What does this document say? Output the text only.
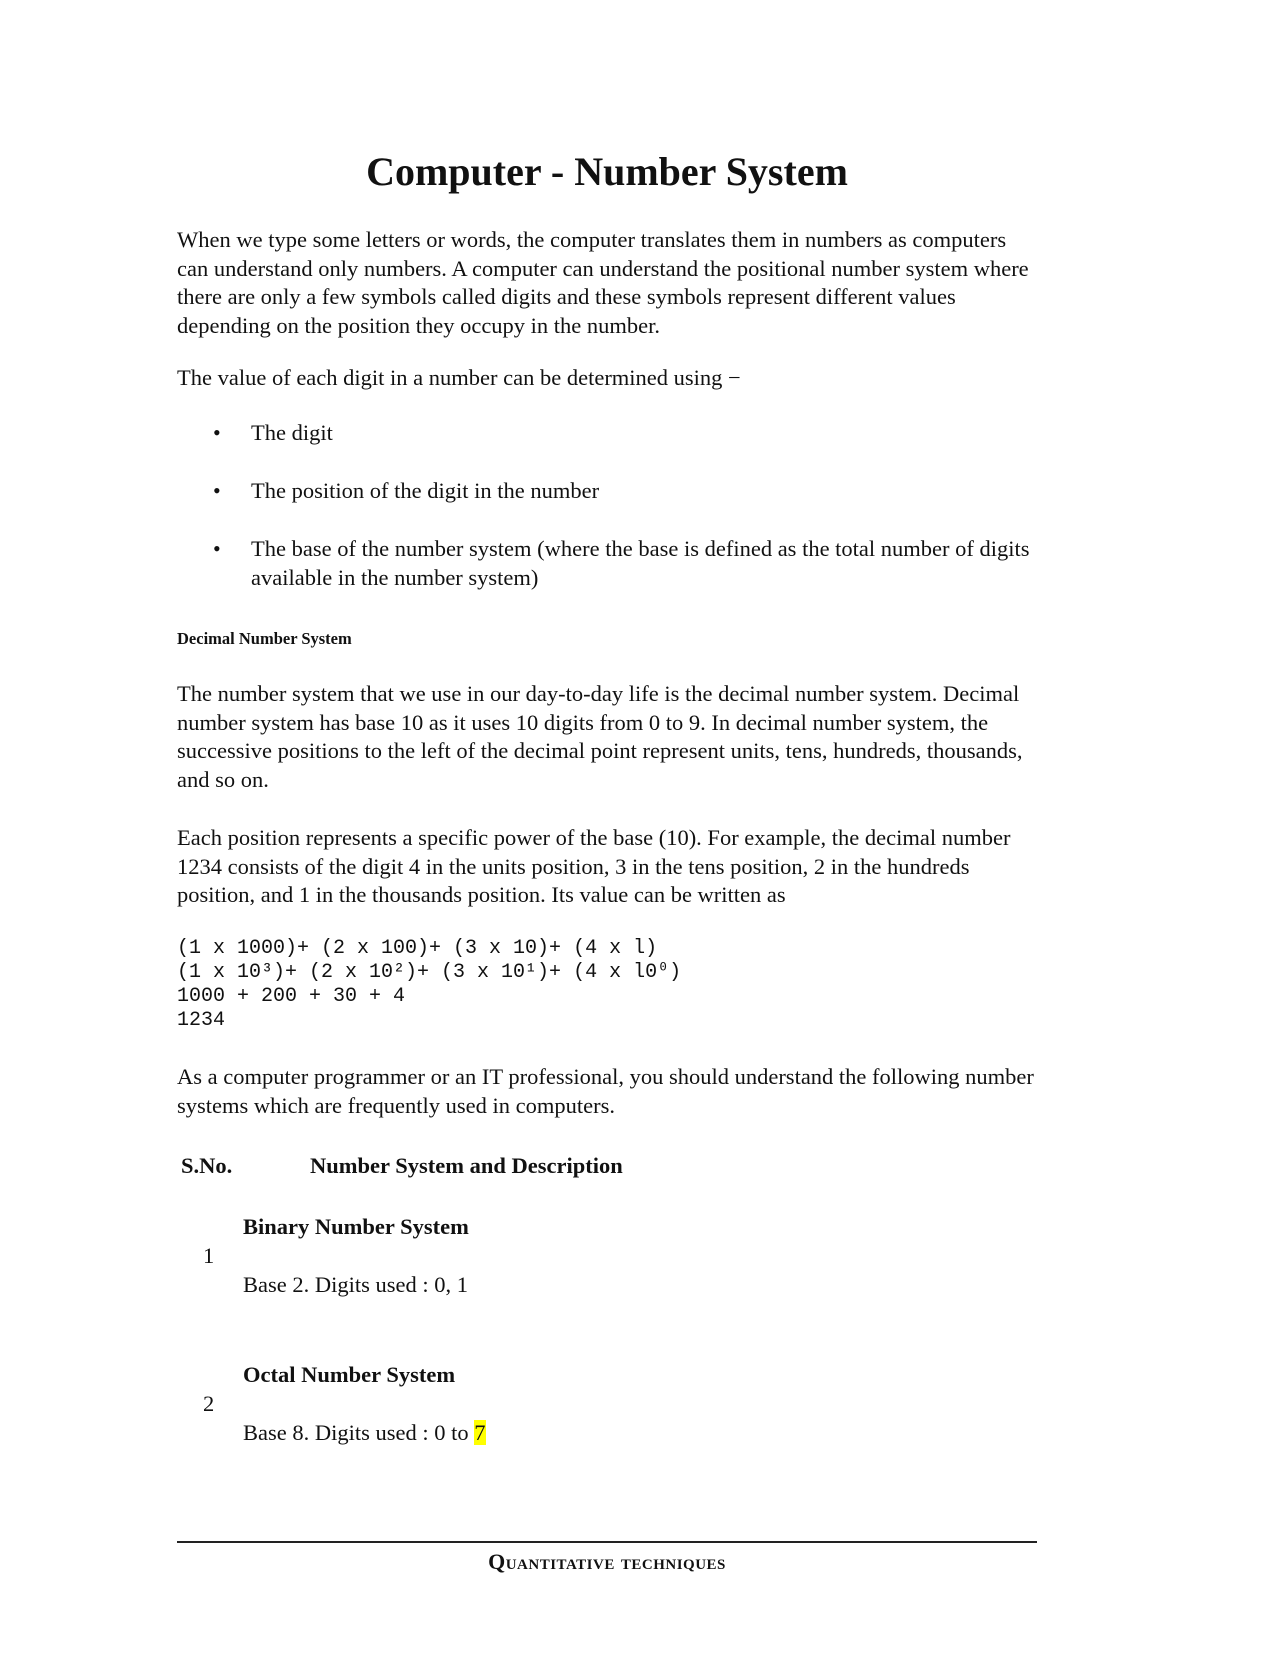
Computer - Number System

When we type some letters or words, the computer translates them in numbers as computers can understand only numbers. A computer can understand the positional number system where there are only a few symbols called digits and these symbols represent different values depending on the position they occupy in the number.

The value of each digit in a number can be determined using −

• The digit
• The position of the digit in the number
• The base of the number system (where the base is defined as the total number of digits available in the number system)
Decimal Number System

The number system that we use in our day-to-day life is the decimal number system. Decimal number system has base 10 as it uses 10 digits from 0 to 9. In decimal number system, the successive positions to the left of the decimal point represent units, tens, hundreds, thousands, and so on.

Each position represents a specific power of the base (10). For example, the decimal number 1234 consists of the digit 4 in the units position, 3 in the tens position, 2 in the hundreds position, and 1 in the thousands position. Its value can be written as

(1 x 1000)+ (2 x 100)+ (3 x 10)+ (4 x l)
(1 x 10³)+ (2 x 10²)+ (3 x 10¹)+ (4 x l0⁰)
1000 + 200 + 30 + 4
1234

As a computer programmer or an IT professional, you should understand the following number systems which are frequently used in computers.

S.No.	Number System and Description
Binary Number System
1
Base 2. Digits used : 0, 1
Octal Number System
2
Base 8. Digits used : 0 to 7
Quantitative techniques
